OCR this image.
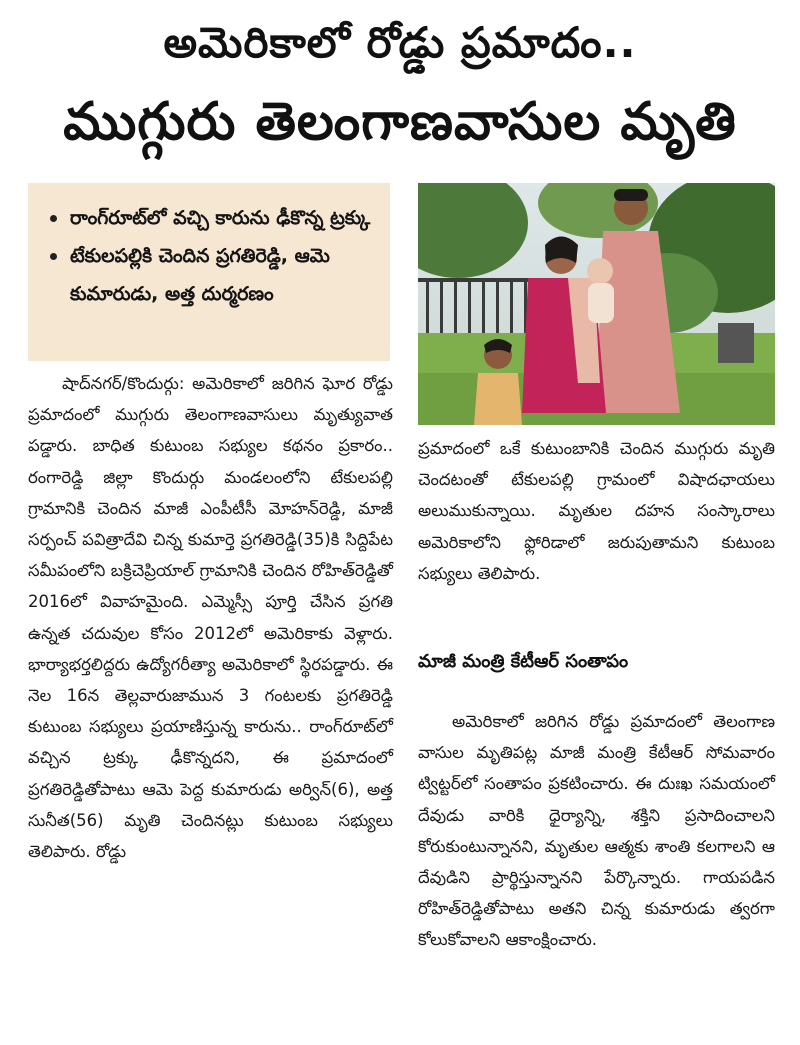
అమెరికాలో రోడ్డు ప్రమాదం..
ముగ్గురు తెలంగాణవాసుల మృతి
రాంగ్‌రూట్‌లో వచ్చి కారును ఢీకొన్న ట్రక్కు
టేకులపల్లికి చెందిన ప్రగతిరెడ్డి, ఆమె కుమారుడు, అత్త దుర్మరణం

షాద్‌నగర్‌/కొందుర్గు: అమెరికాలో జరిగిన ఘోర రోడ్డు ప్రమాదంలో ముగ్గురు తెలంగాణవాసులు మృత్యువాత పడ్డారు. బాధిత కుటుంబ సభ్యుల కథనం ప్రకారం.. రంగారెడ్డి జిల్లా కొందుర్గు మండలంలోని టేకులపల్లి గ్రామానికి చెందిన మాజీ ఎంపీటీసీ మోహన్‌రెడ్డి, మాజీ సర్పంచ్‌ పవిత్రాదేవి చిన్న కుమార్తె ప్రగతిరెడ్డి(35)కి సిద్దిపేట సమీపంలోని బక్రిచెప్రియాల్‌ గ్రామానికి చెందిన రోహిత్‌రెడ్డితో 2016లో వివాహమైంది. ఎమ్మెస్సీ పూర్తి చేసిన ప్రగతి ఉన్నత చదువుల కోసం 2012లో అమెరికాకు వెళ్లారు. భార్యాభర్తలిద్దరు ఉద్యోగరీత్యా అమెరికాలో స్థిరపడ్డారు. ఈ నెల 16న తెల్లవారుజామున 3 గంటలకు ప్రగతిరెడ్డి కుటుంబ సభ్యులు ప్రయాణిస్తున్న కారును.. రాంగ్‌రూట్‌లో వచ్చిన ట్రక్కు ఢీకొన్నదని, ఈ ప్రమాదంలో ప్రగతిరెడ్డితోపాటు ఆమె పెద్ద కుమారుడు అర్విన్‌(6), అత్త సునీత(56) మృతి చెందినట్లు కుటుంబ సభ్యులు తెలిపారు. రోడ్డు

ప్రమాదంలో ఒకే కుటుంబానికి చెందిన ముగ్గురు మృతి చెందటంతో టేకులపల్లి గ్రామంలో విషాదఛాయలు అలుముకున్నాయి. మృతుల దహన సంస్కారాలు అమెరికాలోని ఫ్లోరిడాలో జరుపుతామని కుటుంబ సభ్యులు తెలిపారు.

మాజీ మంత్రి కేటీఆర్‌ సంతాపం

అమెరికాలో జరిగిన రోడ్డు ప్రమాదంలో తెలంగాణ వాసుల మృతిపట్ల మాజీ మంత్రి కేటీఆర్‌ సోమవారం ట్విట్టర్‌లో సంతాపం ప్రకటించారు. ఈ దుఃఖ సమయంలో దేవుడు వారికి ధైర్యాన్ని, శక్తిని ప్రసాదించాలని కోరుకుంటున్నానని, మృతుల ఆత్మకు శాంతి కలగాలని ఆ దేవుడిని ప్రార్థిస్తున్నానని పేర్కొన్నారు. గాయపడిన రోహిత్‌రెడ్డితోపాటు అతని చిన్న కుమారుడు త్వరగా కోలుకోవాలని ఆకాంక్షించారు.
